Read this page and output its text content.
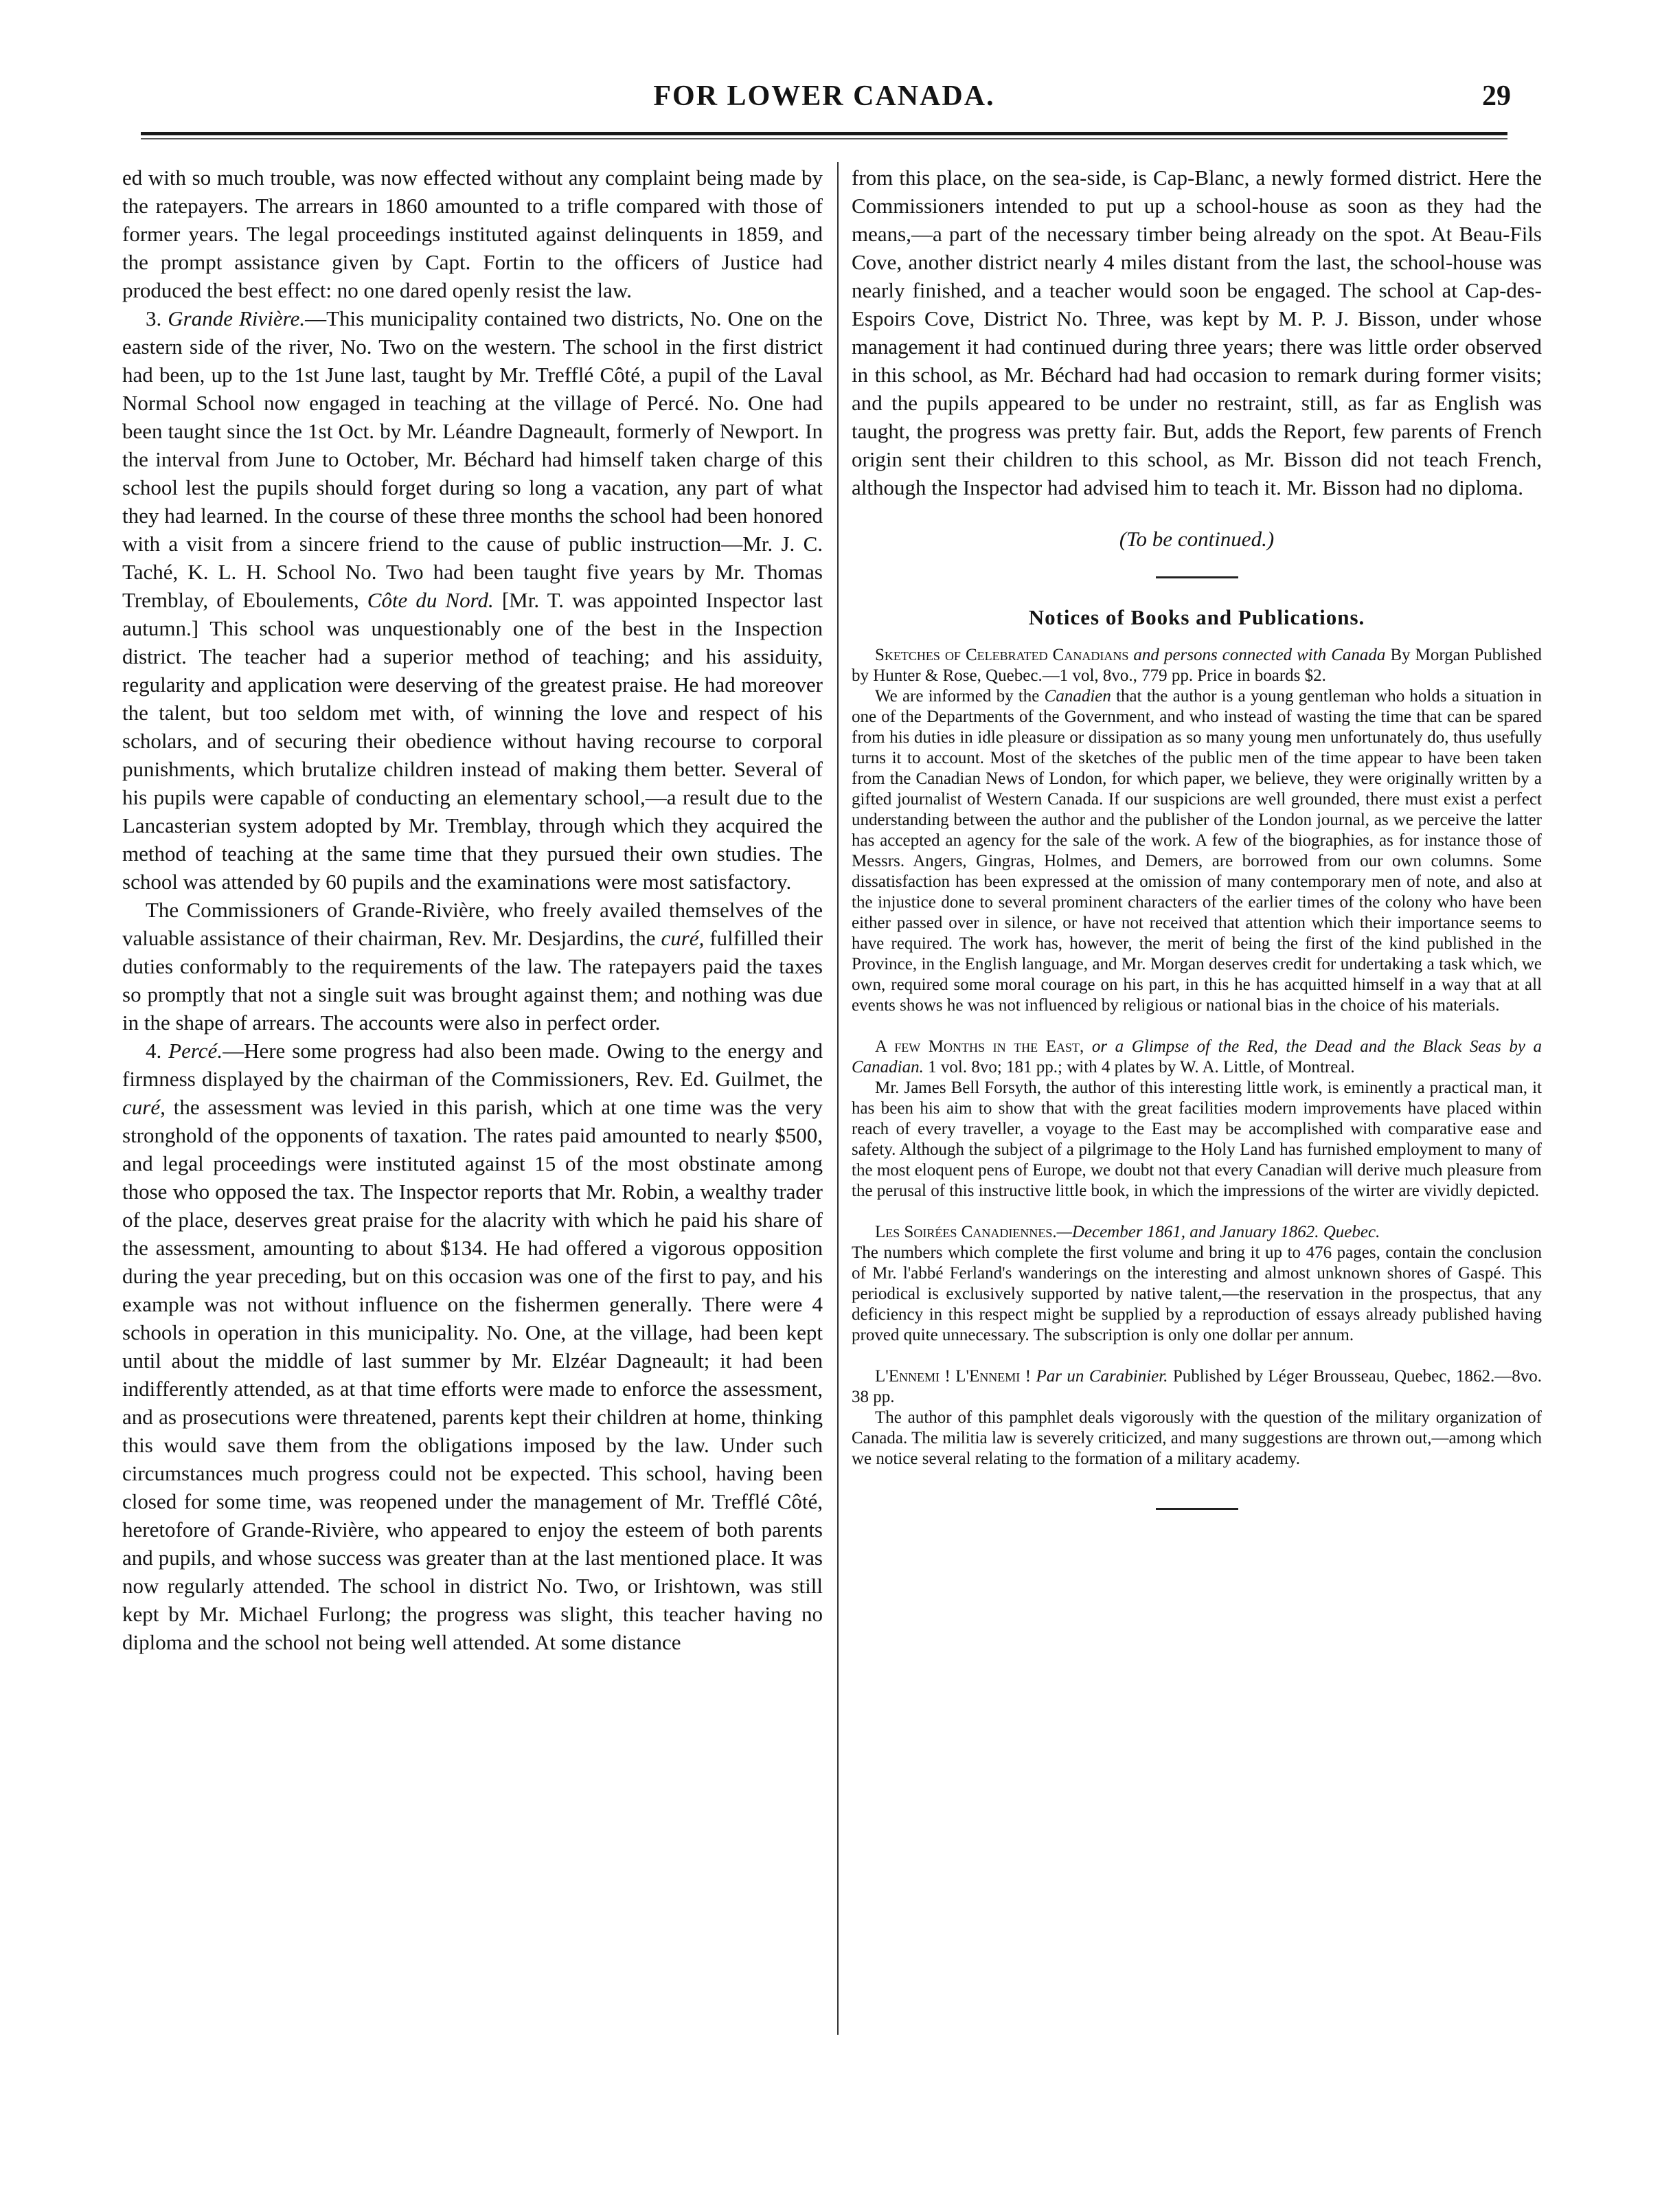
FOR LOWER CANADA.	29

ed with so much trouble, was now effected without any complaint being made by the ratepayers. The arrears in 1860 amounted to a trifle compared with those of former years. The legal proceedings instituted against delinquents in 1859, and the prompt assistance given by Capt. Fortin to the officers of Justice had produced the best effect: no one dared openly resist the law.

3. Grande Rivière.—This municipality contained two districts, No. One on the eastern side of the river, No. Two on the western. The school in the first district had been, up to the 1st June last, taught by Mr. Trefflé Côté, a pupil of the Laval Normal School now engaged in teaching at the village of Percé. No. One had been taught since the 1st Oct. by Mr. Léandre Dagneault, formerly of Newport. In the interval from June to October, Mr. Béchard had himself taken charge of this school lest the pupils should forget during so long a vacation, any part of what they had learned. In the course of these three months the school had been honored with a visit from a sincere friend to the cause of public instruction—Mr. J. C. Taché, K. L. H. School No. Two had been taught five years by Mr. Thomas Tremblay, of Eboulements, Côte du Nord. [Mr. T. was appointed Inspector last autumn.] This school was unquestionably one of the best in the Inspection district. The teacher had a superior method of teaching; and his assiduity, regularity and application were deserving of the greatest praise. He had moreover the talent, but too seldom met with, of winning the love and respect of his scholars, and of securing their obedience without having recourse to corporal punishments, which brutalize children instead of making them better. Several of his pupils were capable of conducting an elementary school,—a result due to the Lancasterian system adopted by Mr. Tremblay, through which they acquired the method of teaching at the same time that they pursued their own studies. The school was attended by 60 pupils and the examinations were most satisfactory.

The Commissioners of Grande-Rivière, who freely availed themselves of the valuable assistance of their chairman, Rev. Mr. Desjardins, the curé, fulfilled their duties conformably to the requirements of the law. The ratepayers paid the taxes so promptly that not a single suit was brought against them; and nothing was due in the shape of arrears. The accounts were also in perfect order.

4. Percé.—Here some progress had also been made. Owing to the energy and firmness displayed by the chairman of the Commissioners, Rev. Ed. Guilmet, the curé, the assessment was levied in this parish, which at one time was the very stronghold of the opponents of taxation. The rates paid amounted to nearly $500, and legal proceedings were instituted against 15 of the most obstinate among those who opposed the tax. The Inspector reports that Mr. Robin, a wealthy trader of the place, deserves great praise for the alacrity with which he paid his share of the assessment, amounting to about $134. He had offered a vigorous opposition during the year preceding, but on this occasion was one of the first to pay, and his example was not without influence on the fishermen generally. There were 4 schools in operation in this municipality. No. One, at the village, had been kept until about the middle of last summer by Mr. Elzéar Dagneault; it had been indifferently attended, as at that time efforts were made to enforce the assessment, and as prosecutions were threatened, parents kept their children at home, thinking this would save them from the obligations imposed by the law. Under such circumstances much progress could not be expected. This school, having been closed for some time, was reopened under the management of Mr. Trefflé Côté, heretofore of Grande-Rivière, who appeared to enjoy the esteem of both parents and pupils, and whose success was greater than at the last mentioned place. It was now regularly attended. The school in district No. Two, or Irishtown, was still kept by Mr. Michael Furlong; the progress was slight, this teacher having no diploma and the school not being well attended. At some distance

from this place, on the sea-side, is Cap-Blanc, a newly formed district. Here the Commissioners intended to put up a school-house as soon as they had the means,—a part of the necessary timber being already on the spot. At Beau-Fils Cove, another district nearly 4 miles distant from the last, the school-house was nearly finished, and a teacher would soon be engaged. The school at Cap-des-Espoirs Cove, District No. Three, was kept by M. P. J. Bisson, under whose management it had continued during three years; there was little order observed in this school, as Mr. Béchard had had occasion to remark during former visits; and the pupils appeared to be under no restraint, still, as far as English was taught, the progress was pretty fair. But, adds the Report, few parents of French origin sent their children to this school, as Mr. Bisson did not teach French, although the Inspector had advised him to teach it. Mr. Bisson had no diploma.

(To be continued.)

Notices of Books and Publications.

Sketches of Celebrated Canadians and persons connected with Canada By Morgan Published by Hunter & Rose, Quebec.—1 vol, 8vo., 779 pp. Price in boards $2.

We are informed by the Canadien that the author is a young gentleman who holds a situation in one of the Departments of the Government, and who instead of wasting the time that can be spared from his duties in idle pleasure or dissipation as so many young men unfortunately do, thus usefully turns it to account. Most of the sketches of the public men of the time appear to have been taken from the Canadian News of London, for which paper, we believe, they were originally written by a gifted journalist of Western Canada. If our suspicions are well grounded, there must exist a perfect understanding between the author and the publisher of the London journal, as we perceive the latter has accepted an agency for the sale of the work. A few of the biographies, as for instance those of Messrs. Angers, Gingras, Holmes, and Demers, are borrowed from our own columns. Some dissatisfaction has been expressed at the omission of many contemporary men of note, and also at the injustice done to several prominent characters of the earlier times of the colony who have been either passed over in silence, or have not received that attention which their importance seems to have required. The work has, however, the merit of being the first of the kind published in the Province, in the English language, and Mr. Morgan deserves credit for undertaking a task which, we own, required some moral courage on his part, in this he has acquitted himself in a way that at all events shows he was not influenced by religious or national bias in the choice of his materials.

A few Months in the East, or a Glimpse of the Red, the Dead and the Black Seas by a Canadian. 1 vol. 8vo; 181 pp.; with 4 plates by W. A. Little, of Montreal.

Mr. James Bell Forsyth, the author of this interesting little work, is eminently a practical man, it has been his aim to show that with the great facilities modern improvements have placed within reach of every traveller, a voyage to the East may be accomplished with comparative ease and safety. Although the subject of a pilgrimage to the Holy Land has furnished employment to many of the most eloquent pens of Europe, we doubt not that every Canadian will derive much pleasure from the perusal of this instructive little book, in which the impressions of the wirter are vividly depicted.

Les Soirées Canadiennes.—December 1861, and January 1862. Quebec.

The numbers which complete the first volume and bring it up to 476 pages, contain the conclusion of Mr. l'abbé Ferland's wanderings on the interesting and almost unknown shores of Gaspé. This periodical is exclusively supported by native talent,—the reservation in the prospectus, that any deficiency in this respect might be supplied by a reproduction of essays already published having proved quite unnecessary. The subscription is only one dollar per annum.

L'Ennemi ! L'Ennemi ! Par un Carabinier. Published by Léger Brousseau, Quebec, 1862.—8vo. 38 pp.

The author of this pamphlet deals vigorously with the question of the military organization of Canada. The militia law is severely criticized, and many suggestions are thrown out,—among which we notice several relating to the formation of a military academy.
